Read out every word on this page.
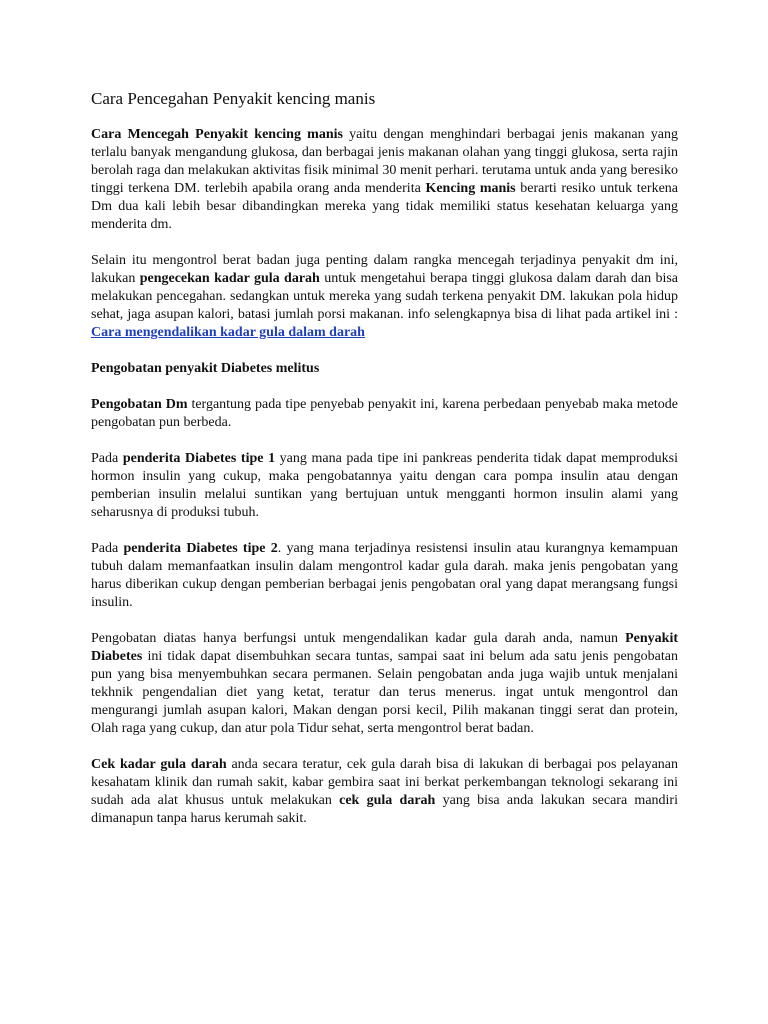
Cara Pencegahan Penyakit kencing manis

Cara Mencegah Penyakit kencing manis yaitu dengan menghindari berbagai jenis makanan yang terlalu banyak mengandung glukosa, dan berbagai jenis makanan olahan yang tinggi glukosa, serta rajin berolah raga dan melakukan aktivitas fisik minimal 30 menit perhari. terutama untuk anda yang beresiko tinggi terkena DM. terlebih apabila orang anda menderita Kencing manis berarti resiko untuk terkena Dm dua kali lebih besar dibandingkan mereka yang tidak memiliki status kesehatan keluarga yang menderita dm.

Selain itu mengontrol berat badan juga penting dalam rangka mencegah terjadinya penyakit dm ini, lakukan pengecekan kadar gula darah untuk mengetahui berapa tinggi glukosa dalam darah dan bisa melakukan pencegahan. sedangkan untuk mereka yang sudah terkena penyakit DM. lakukan pola hidup sehat, jaga asupan kalori, batasi jumlah porsi makanan. info selengkapnya bisa di lihat pada artikel ini : Cara mengendalikan kadar gula dalam darah

Pengobatan penyakit Diabetes melitus

Pengobatan Dm tergantung pada tipe penyebab penyakit ini, karena perbedaan penyebab maka metode pengobatan pun berbeda.

Pada penderita Diabetes tipe 1 yang mana pada tipe ini pankreas penderita tidak dapat memproduksi hormon insulin yang cukup, maka pengobatannya yaitu dengan cara pompa insulin atau dengan pemberian insulin melalui suntikan yang bertujuan untuk mengganti hormon insulin alami yang seharusnya di produksi tubuh.

Pada penderita Diabetes tipe 2. yang mana terjadinya resistensi insulin atau kurangnya kemampuan tubuh dalam memanfaatkan insulin dalam mengontrol kadar gula darah. maka jenis pengobatan yang harus diberikan cukup dengan pemberian berbagai jenis pengobatan oral yang dapat merangsang fungsi insulin.

Pengobatan diatas hanya berfungsi untuk mengendalikan kadar gula darah anda, namun Penyakit Diabetes ini tidak dapat disembuhkan secara tuntas, sampai saat ini belum ada satu jenis pengobatan pun yang bisa menyembuhkan secara permanen. Selain pengobatan anda juga wajib untuk menjalani tekhnik pengendalian diet yang ketat, teratur dan terus menerus. ingat untuk mengontrol dan mengurangi jumlah asupan kalori, Makan dengan porsi kecil, Pilih makanan tinggi serat dan protein, Olah raga yang cukup, dan atur pola Tidur sehat, serta mengontrol berat badan.

Cek kadar gula darah anda secara teratur, cek gula darah bisa di lakukan di berbagai pos pelayanan kesahatam klinik dan rumah sakit, kabar gembira saat ini berkat perkembangan teknologi sekarang ini sudah ada alat khusus untuk melakukan cek gula darah yang bisa anda lakukan secara mandiri dimanapun tanpa harus kerumah sakit.
